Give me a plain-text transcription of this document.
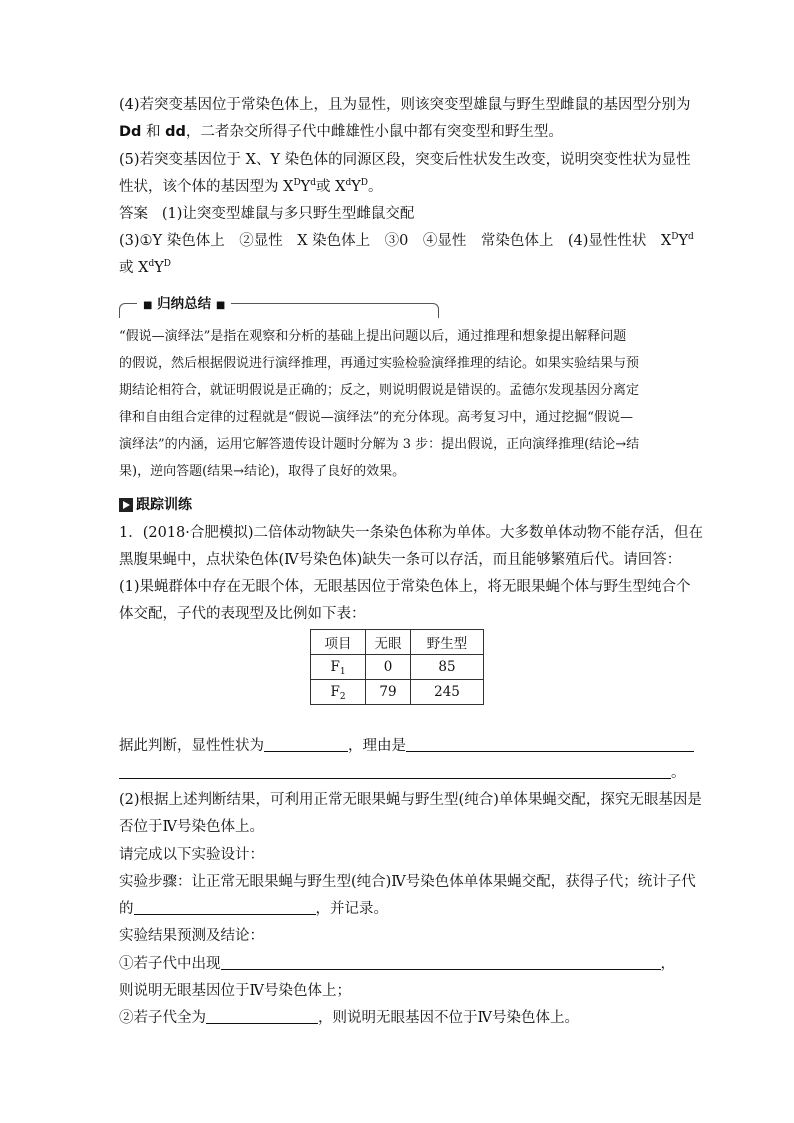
(4)若突变基因位于常染色体上，且为显性，则该突变型雄鼠与野生型雌鼠的基因型分别为
Dd 和 dd，二者杂交所得子代中雌雄性小鼠中都有突变型和野生型。
(5)若突变基因位于 X、Y 染色体的同源区段，突变后性状发生改变，说明突变性状为显性
性状，该个体的基因型为 $X^DY^d$或 $X^dY^D$。
答案 (1)让突变型雄鼠与多只野生型雌鼠交配
(3)①Y 染色体上　②显性　X 染色体上　③0　④显性　常染色体上　(4)显性性状　$X^DY^d$
或 $X^dY^D$
■ 归纳总结 ■
“假说—演绎法”是指在观察和分析的基础上提出问题以后，通过推理和想象提出解释问题
的假说，然后根据假说进行演绎推理，再通过实验检验演绎推理的结论。如果实验结果与预
期结论相符合，就证明假说是正确的；反之，则说明假说是错误的。孟德尔发现基因分离定
律和自由组合定律的过程就是“假说—演绎法”的充分体现。高考复习中，通过挖掘“假说—
演绎法”的内涵，运用它解答遗传设计题时分解为 3 步：提出假说，正向演绎推理(结论→结
果)，逆向答题(结果→结论)，取得了良好的效果。
跟踪训练
1．(2018·合肥模拟)二倍体动物缺失一条染色体称为单体。大多数单体动物不能存活，但在
黑腹果蝇中，点状染色体(Ⅳ号染色体)缺失一条可以存活，而且能够繁殖后代。请回答：
(1)果蝇群体中存在无眼个体，无眼基因位于常染色体上，将无眼果蝇个体与野生型纯合个
体交配，子代的表现型及比例如下表：
项目	无眼	野生型
$F_1$	0	85
$F_2$	79	245
据此判断，显性性状为	，理由是
。
(2)根据上述判断结果，可利用正常无眼果蝇与野生型(纯合)单体果蝇交配，探究无眼基因是
否位于Ⅳ号染色体上。
请完成以下实验设计：
实验步骤：让正常无眼果蝇与野生型(纯合)Ⅳ号染色体单体果蝇交配，获得子代；统计子代
的	，并记录。
实验结果预测及结论：
①若子代中出现	，
则说明无眼基因位于Ⅳ号染色体上；
②若子代全为	，则说明无眼基因不位于Ⅳ号染色体上。
